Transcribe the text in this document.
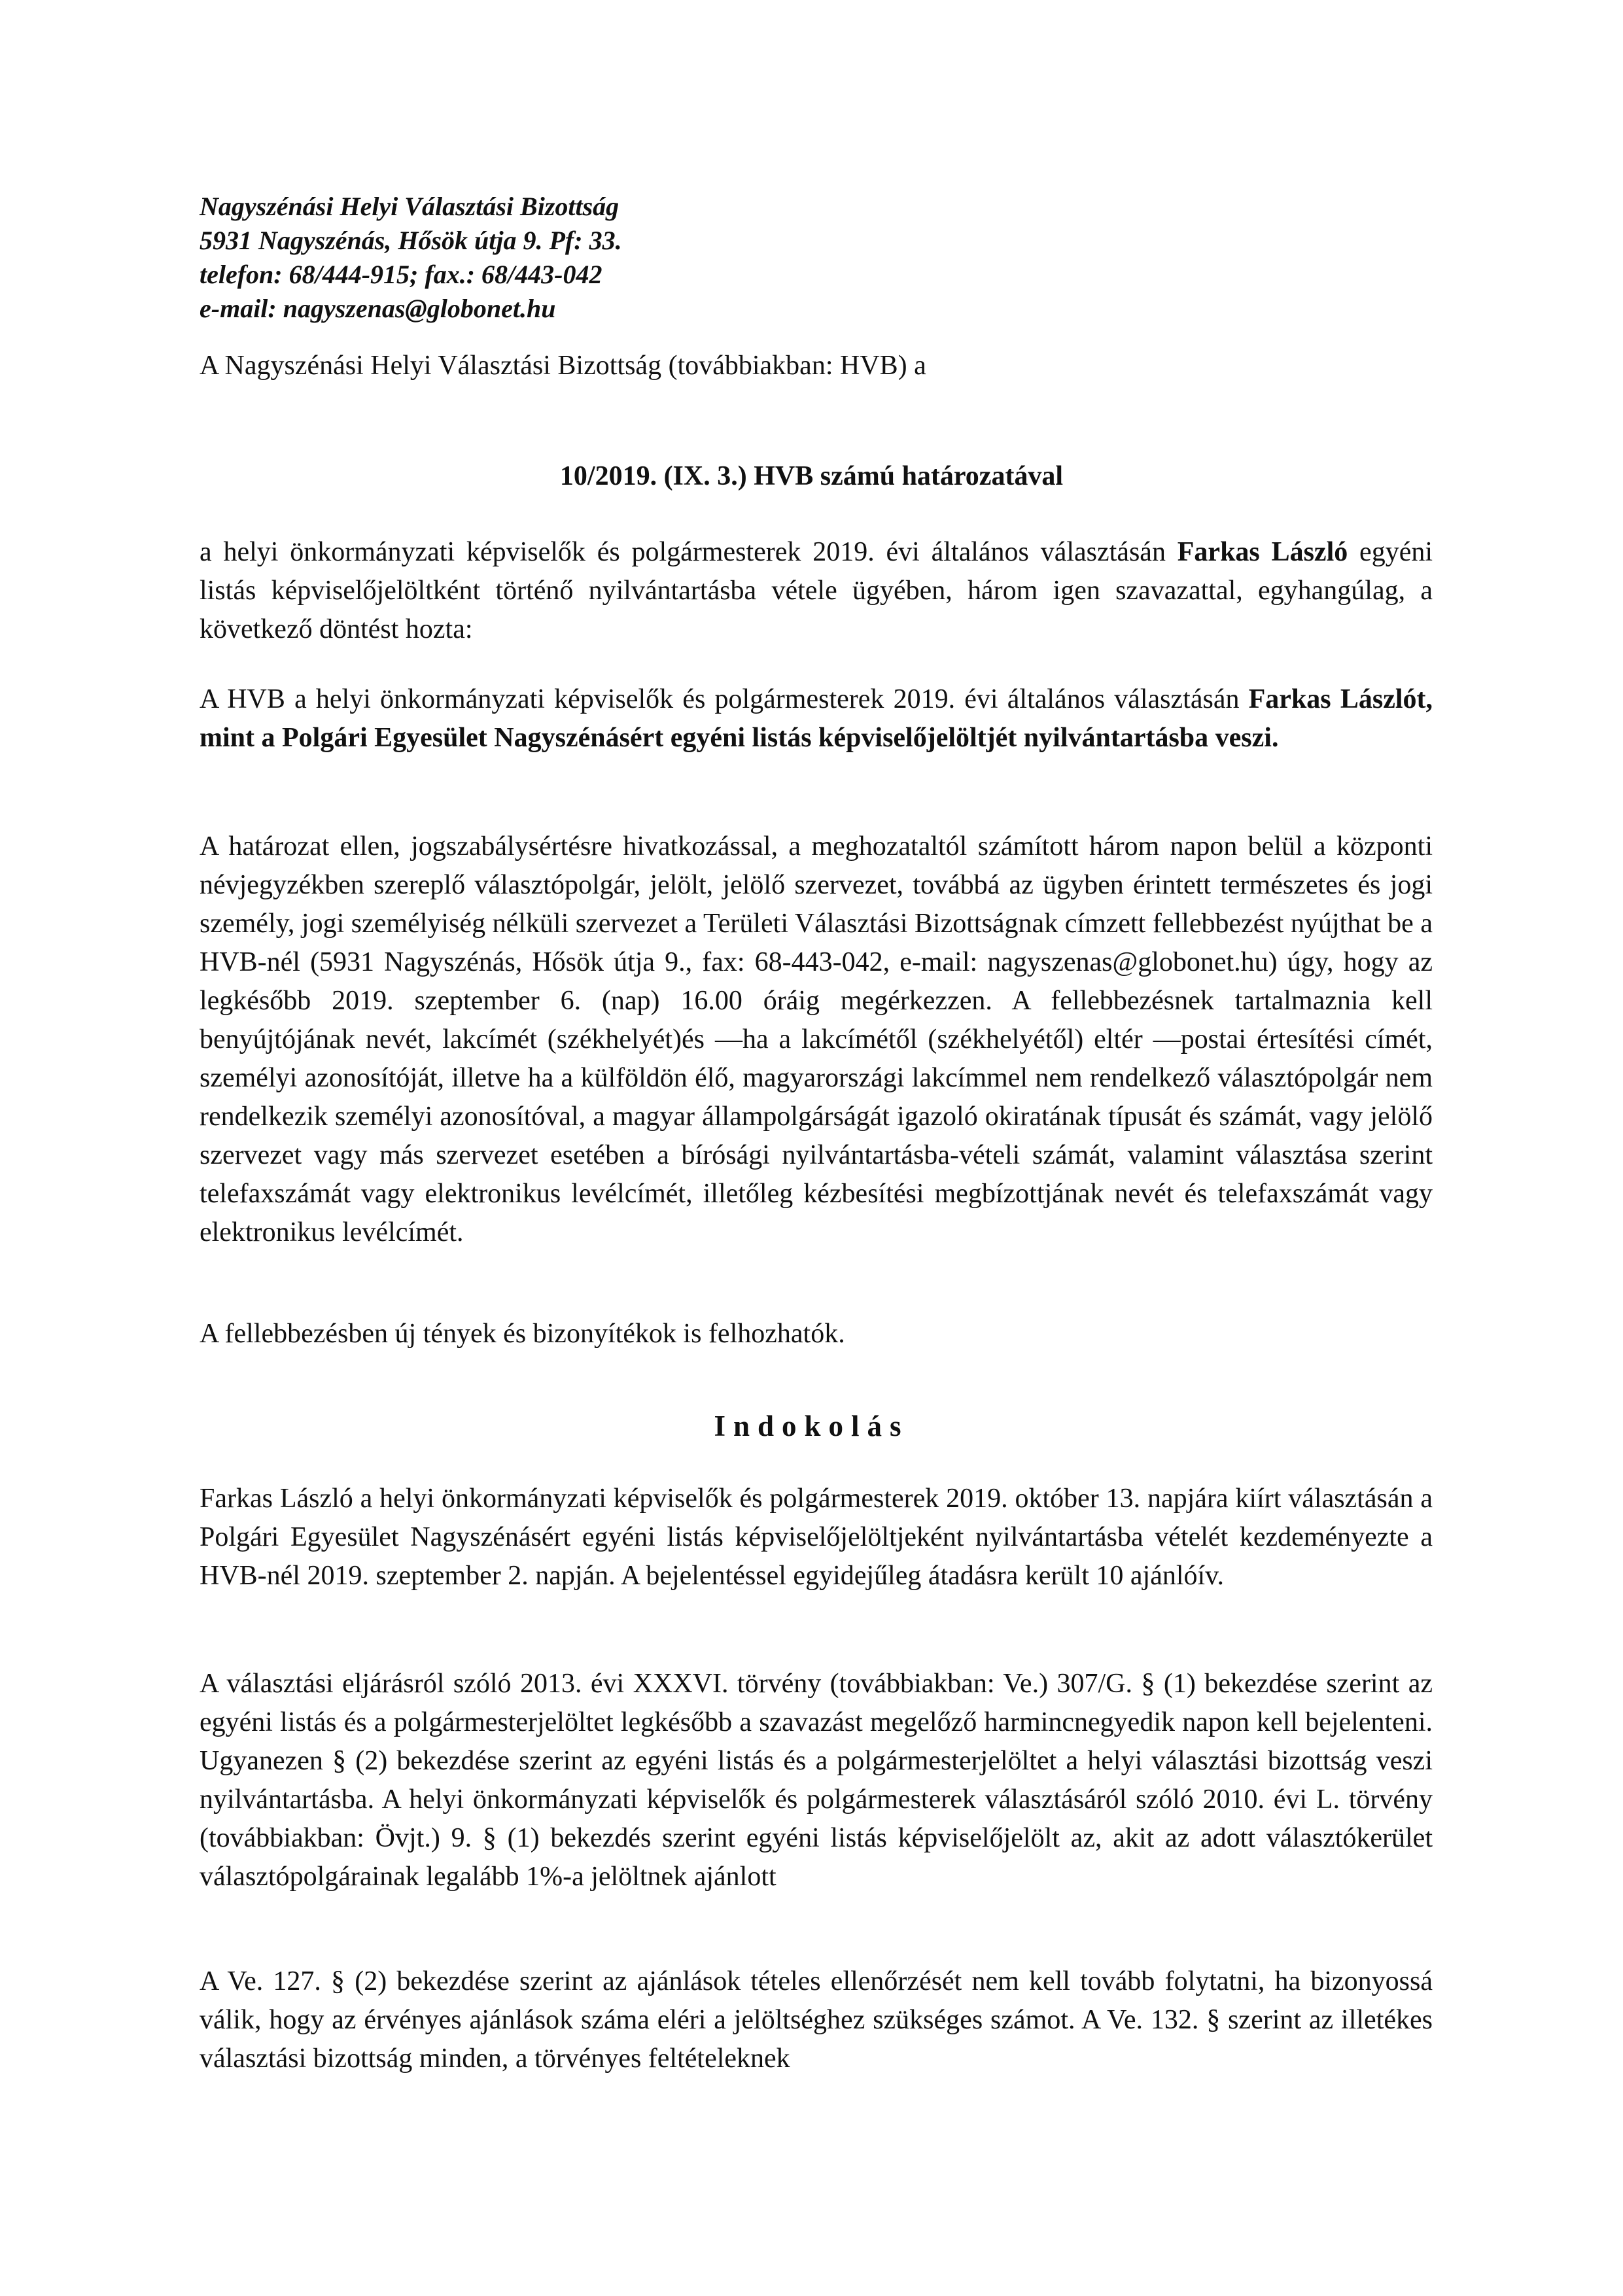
Nagyszénási Helyi Választási Bizottság
5931 Nagyszénás, Hősök útja 9. Pf: 33.
telefon: 68/444-915; fax.: 68/443-042
e-mail: nagyszenas@globonet.hu

A Nagyszénási Helyi Választási Bizottság (továbbiakban: HVB) a

10/2019. (IX. 3.) HVB számú határozatával

a helyi önkormányzati képviselők és polgármesterek 2019. évi általános választásán Farkas László egyéni listás képviselőjelöltként történő nyilvántartásba vétele ügyében, három igen szavazattal, egyhangúlag, a következő döntést hozta:

A HVB a helyi önkormányzati képviselők és polgármesterek 2019. évi általános választásán Farkas Lászlót, mint a Polgári Egyesület Nagyszénásért egyéni listás képviselőjelöltjét nyilvántartásba veszi.

A határozat ellen, jogszabálysértésre hivatkozással, a meghozataltól számított három napon belül a központi névjegyzékben szereplő választópolgár, jelölt, jelölő szervezet, továbbá az ügyben érintett természetes és jogi személy, jogi személyiség nélküli szervezet a Területi Választási Bizottságnak címzett fellebbezést nyújthat be a HVB-nél (5931 Nagyszénás, Hősök útja 9., fax: 68-443-042, e-mail: nagyszenas@globonet.hu) úgy, hogy az legkésőbb 2019. szeptember 6. (nap) 16.00 óráig megérkezzen. A fellebbezésnek tartalmaznia kell benyújtójának nevét, lakcímét (székhelyét)és —ha a lakcímétől (székhelyétől) eltér —postai értesítési címét, személyi azonosítóját, illetve ha a külföldön élő, magyarországi lakcímmel nem rendelkező választópolgár nem rendelkezik személyi azonosítóval, a magyar állampolgárságát igazoló okiratának típusát és számát, vagy jelölő szervezet vagy más szervezet esetében a bírósági nyilvántartásba-vételi számát, valamint választása szerint telefaxszámát vagy elektronikus levélcímét, illetőleg kézbesítési megbízottjának nevét és telefaxszámát vagy elektronikus levélcímét.

A fellebbezésben új tények és bizonyítékok is felhozhatók.

Indokolás

Farkas László a helyi önkormányzati képviselők és polgármesterek 2019. október 13. napjára kiírt választásán a Polgári Egyesület Nagyszénásért egyéni listás képviselőjelöltjeként nyilvántartásba vételét kezdeményezte a HVB-nél 2019. szeptember 2. napján. A bejelentéssel egyidejűleg átadásra került 10 ajánlóív.

A választási eljárásról szóló 2013. évi XXXVI. törvény (továbbiakban: Ve.) 307/G. § (1) bekezdése szerint az egyéni listás és a polgármesterjelöltet legkésőbb a szavazást megelőző harmincnegyedik napon kell bejelenteni. Ugyanezen § (2) bekezdése szerint az egyéni listás és a polgármesterjelöltet a helyi választási bizottság veszi nyilvántartásba. A helyi önkormányzati képviselők és polgármesterek választásáról szóló 2010. évi L. törvény (továbbiakban: Övjt.) 9. § (1) bekezdés szerint egyéni listás képviselőjelölt az, akit az adott választókerület választópolgárainak legalább 1%-a jelöltnek ajánlott

A Ve. 127. § (2) bekezdése szerint az ajánlások tételes ellenőrzését nem kell tovább folytatni, ha bizonyossá válik, hogy az érvényes ajánlások száma eléri a jelöltséghez szükséges számot. A Ve. 132. § szerint az illetékes választási bizottság minden, a törvényes feltételeknek
